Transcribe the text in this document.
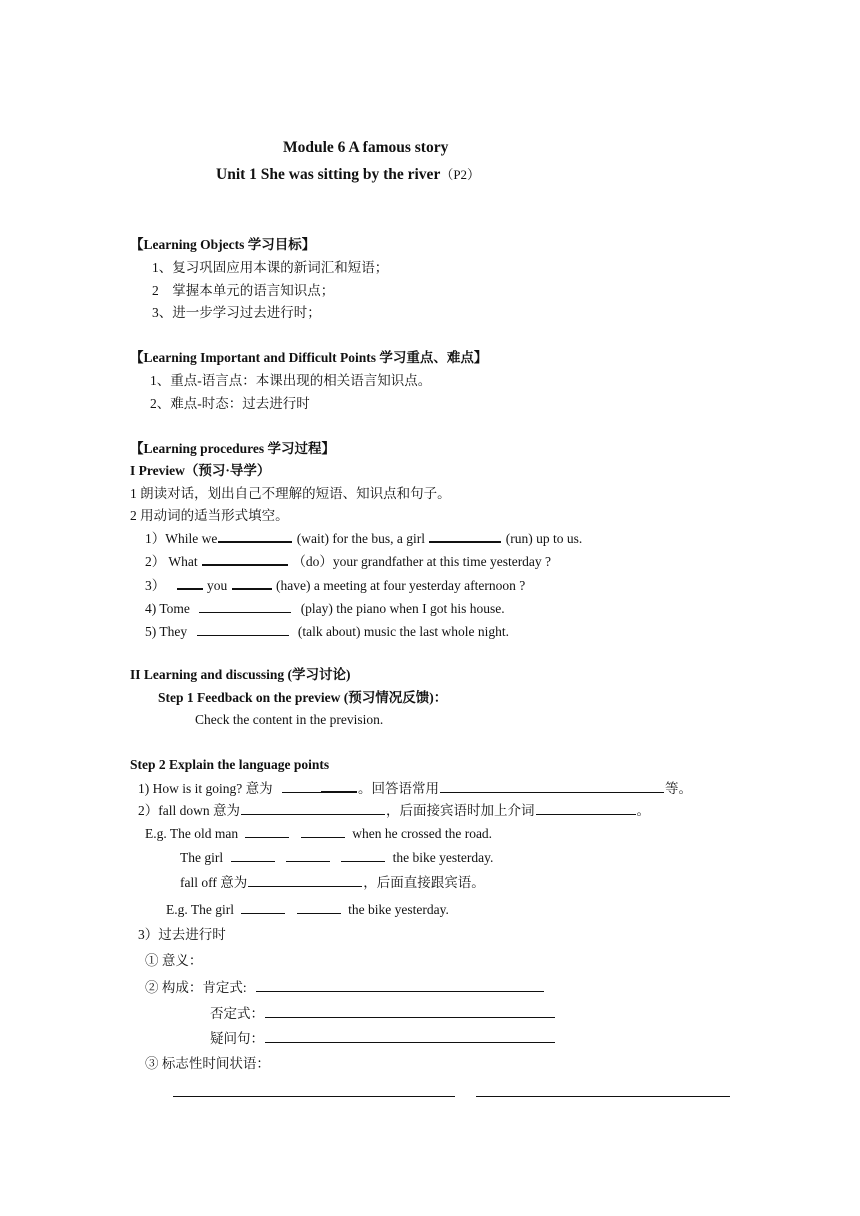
Module 6 A famous story
Unit 1 She was sitting by the river（P2）
【Learning Objects 学习目标】
1、复习巩固应用本课的新词汇和短语；
2　掌握本单元的语言知识点；
3、进一步学习过去进行时；
【Learning Important and Difficult Points 学习重点、难点】
1、重点-语言点：本课出现的相关语言知识点。
2、难点-时态：过去进行时
【Learning procedures 学习过程】
I Preview（预习·导学）
1 朗读对话，划出自己不理解的短语、知识点和句子。
2 用动词的适当形式填空。
1）While we	(wait) for the bus, a girl	(run) up to us.
2） What	（do）your grandfather at this time yesterday ?
3）	you	(have) a meeting at four yesterday afternoon ?
4) Tome	(play) the piano when I got his house.
5) They	(talk about) music the last whole night.
II Learning and discussing (学习讨论)
Step 1 Feedback on the preview (预习情况反馈)：
Check the content in the prevision.
Step 2 Explain the language points
1) How is it going? 意为	。回答语常用	等。
2）fall down 意为	，后面接宾语时加上介词	。
E.g. The old man	when he crossed the road.
The girl	the bike yesterday.
fall off 意为	，后面直接跟宾语。
E.g. The girl	the bike yesterday.
3）过去进行时
① 意义：
② 构成：肯定式:
否定式：
疑问句：
③ 标志性时间状语：
